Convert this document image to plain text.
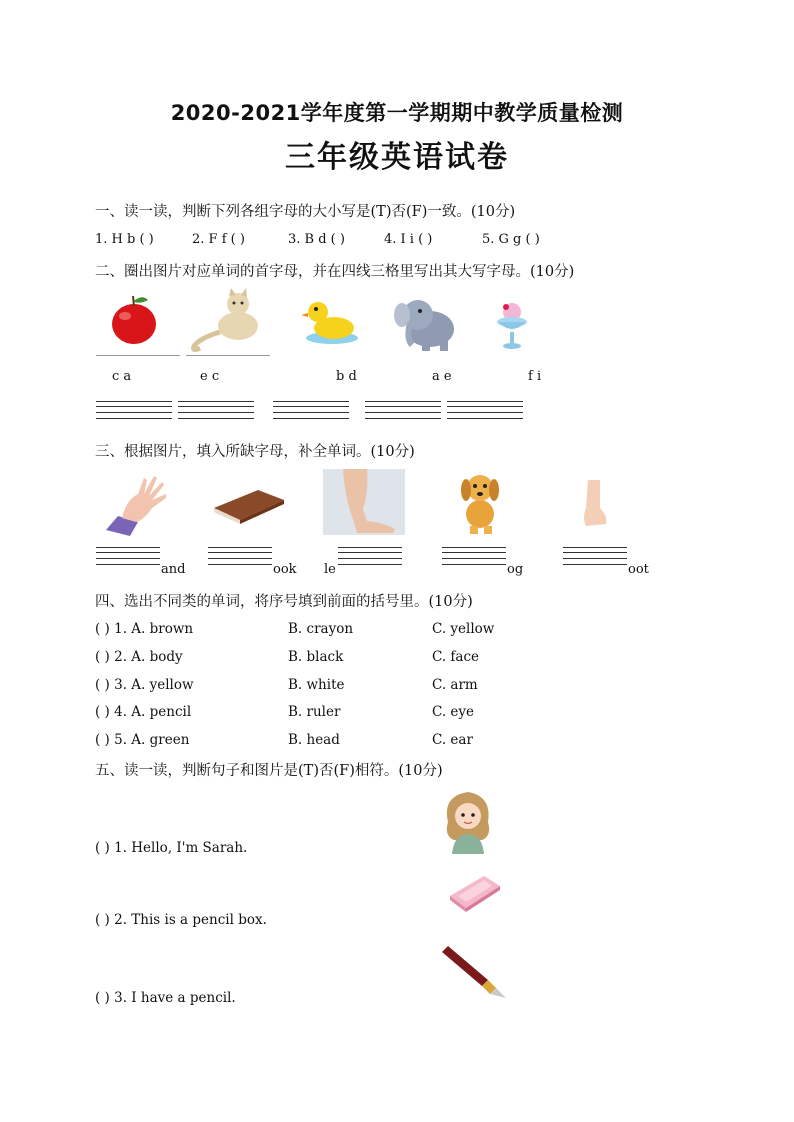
2020-2021学年度第一学期期中教学质量检测
三年级英语试卷
一、读一读，判断下列各组字母的大小写是(T)否(F)一致。(10分)
1. H b ( )	2. F f ( )	3. B d ( )	4. I i ( )	5. G g ( )
二、圈出图片对应单词的首字母，并在四线三格里写出其大写字母。(10分)
c a	e c	b d	a e	f i
三、根据图片，填入所缺字母，补全单词。(10分)
and	ook le	og	oot
四、选出不同类的单词，将序号填到前面的括号里。(10分)
( ) 1. A. brown	B. crayon	C. yellow
( ) 2. A. body	B. black	C. face
( ) 3. A. yellow	B. white	C. arm
( ) 4. A. pencil	B. ruler	C. eye
( ) 5. A. green	B. head	C. ear
五、读一读，判断句子和图片是(T)否(F)相符。(10分)
( ) 1. Hello, I'm Sarah.
( ) 2. This is a pencil box.
( ) 3. I have a pencil.
